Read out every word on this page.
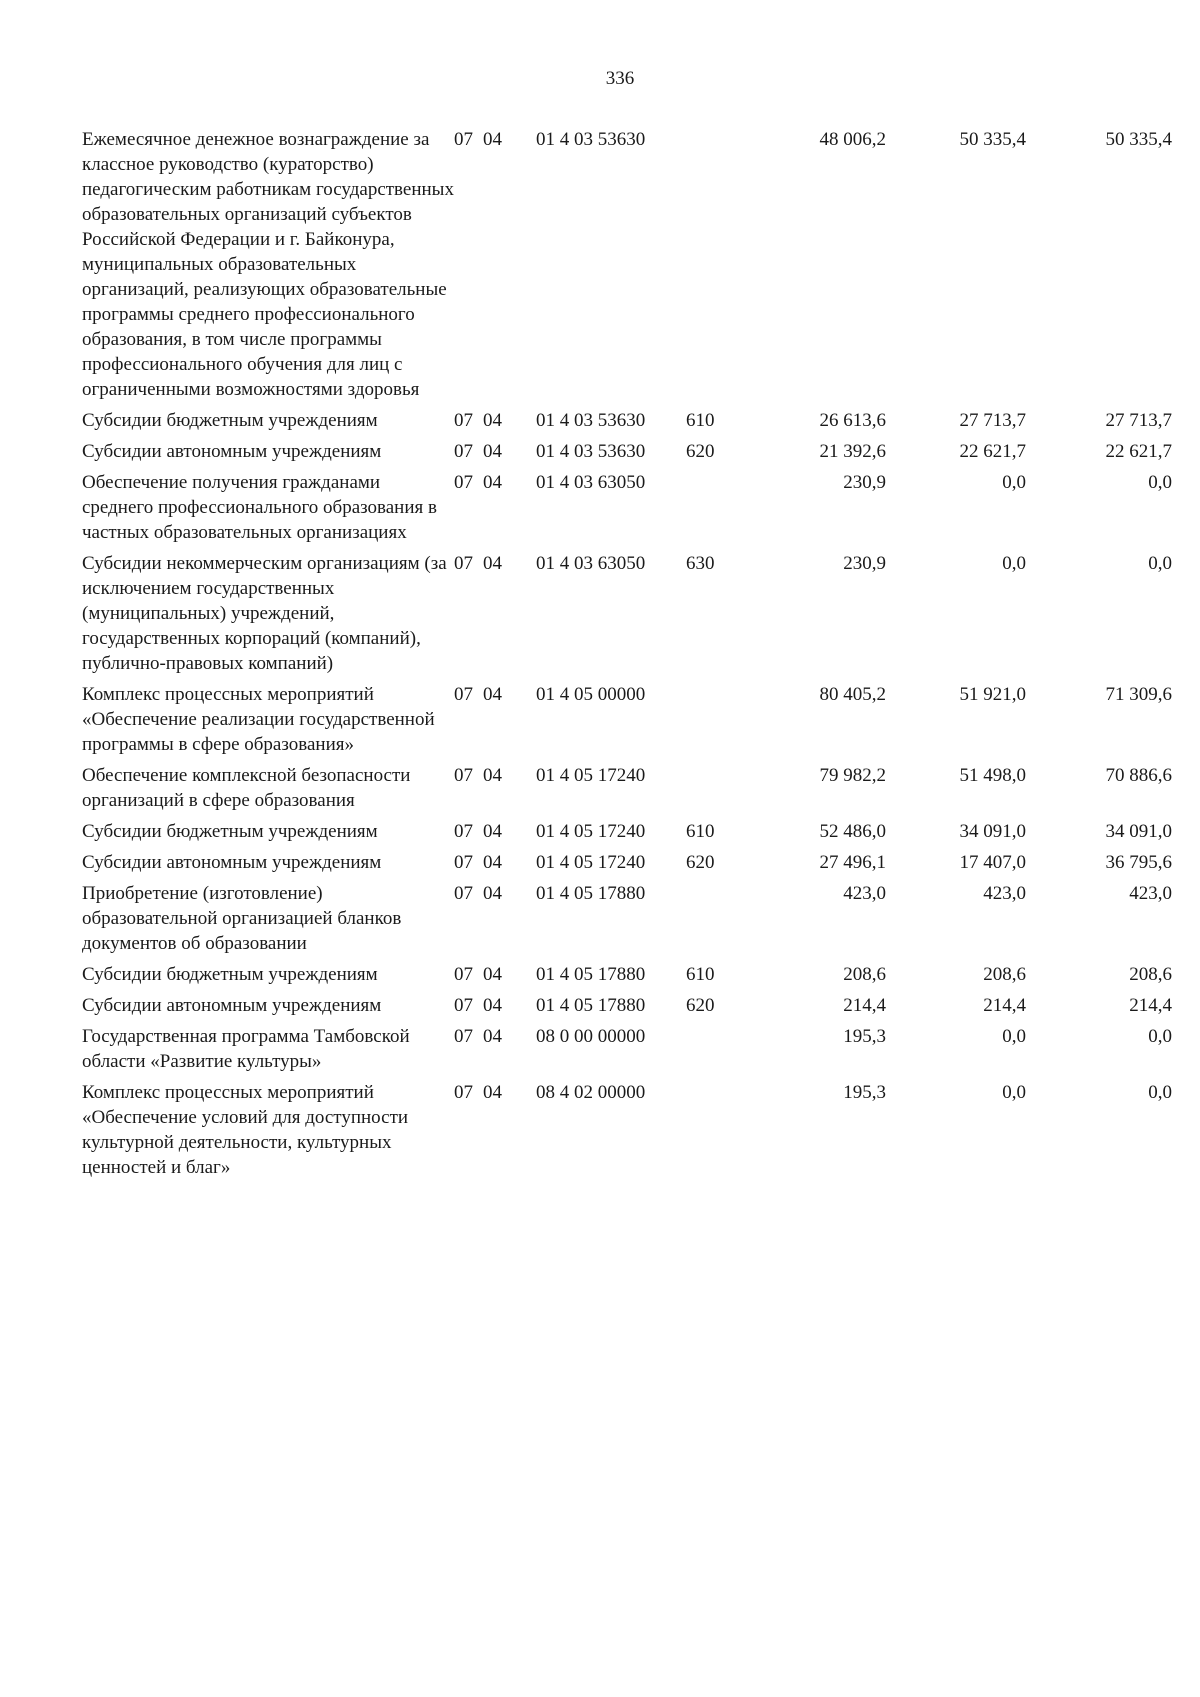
336
Ежемесячное денежное вознаграждение за классное руководство (кураторство) педагогическим работникам государственных образовательных организаций субъектов Российской Федерации и г. Байконура, муниципальных образовательных организаций, реализующих образовательные программы среднего профессионального образования, в том числе программы профессионального обучения для лиц с ограниченными возможностями здоровья	07 04	01 4 03 53630		48 006,2	50 335,4	50 335,4
Субсидии бюджетным учреждениям	07 04	01 4 03 53630	610	26 613,6	27 713,7	27 713,7
Субсидии автономным учреждениям	07 04	01 4 03 53630	620	21 392,6	22 621,7	22 621,7
Обеспечение получения гражданами среднего профессионального образования в частных образовательных организациях	07 04	01 4 03 63050		230,9	0,0	0,0
Субсидии некоммерческим организациям (за исключением государственных (муниципальных) учреждений, государственных корпораций (компаний), публично-правовых компаний)	07 04	01 4 03 63050	630	230,9	0,0	0,0
Комплекс процессных мероприятий «Обеспечение реализации государственной программы в сфере образования»	07 04	01 4 05 00000		80 405,2	51 921,0	71 309,6
Обеспечение комплексной безопасности организаций в сфере образования	07 04	01 4 05 17240		79 982,2	51 498,0	70 886,6
Субсидии бюджетным учреждениям	07 04	01 4 05 17240	610	52 486,0	34 091,0	34 091,0
Субсидии автономным учреждениям	07 04	01 4 05 17240	620	27 496,1	17 407,0	36 795,6
Приобретение (изготовление) образовательной организацией бланков документов об образовании	07 04	01 4 05 17880		423,0	423,0	423,0
Субсидии бюджетным учреждениям	07 04	01 4 05 17880	610	208,6	208,6	208,6
Субсидии автономным учреждениям	07 04	01 4 05 17880	620	214,4	214,4	214,4
Государственная программа Тамбовской области «Развитие культуры»	07 04	08 0 00 00000		195,3	0,0	0,0
Комплекс процессных мероприятий «Обеспечение условий для доступности культурной деятельности, культурных ценностей и благ»	07 04	08 4 02 00000		195,3	0,0	0,0
